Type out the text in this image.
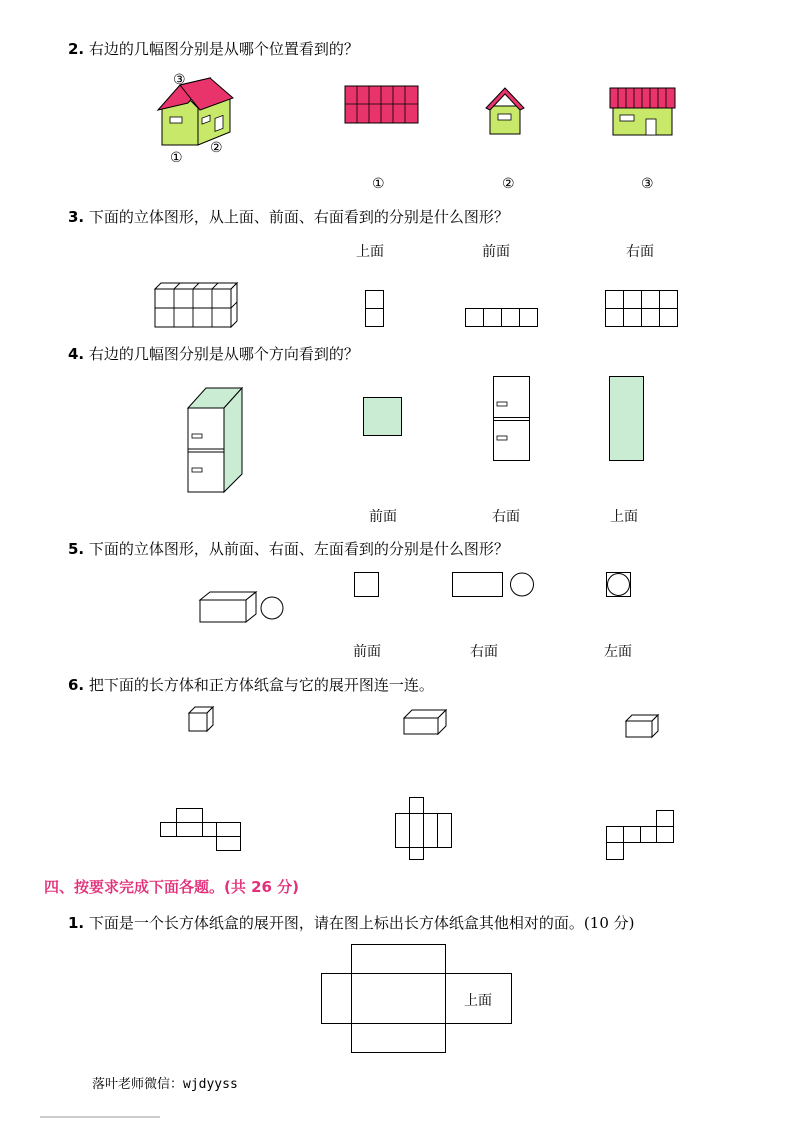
2. 右边的几幅图分别是从哪个位置看到的？
③
①
②
①	②	③
3. 下面的立体图形，从上面、前面、右面看到的分别是什么图形？
上面	前面	右面
4. 右边的几幅图分别是从哪个方向看到的？
前面	右面	上面
5. 下面的立体图形，从前面、右面、左面看到的分别是什么图形？
前面	右面	左面
6. 把下面的长方体和正方体纸盒与它的展开图连一连。
四、按要求完成下面各题。(共 26 分)
1. 下面是一个长方体纸盒的展开图，请在图上标出长方体纸盒其他相对的面。(10 分)
上面
落叶老师微信：wjdyyss
